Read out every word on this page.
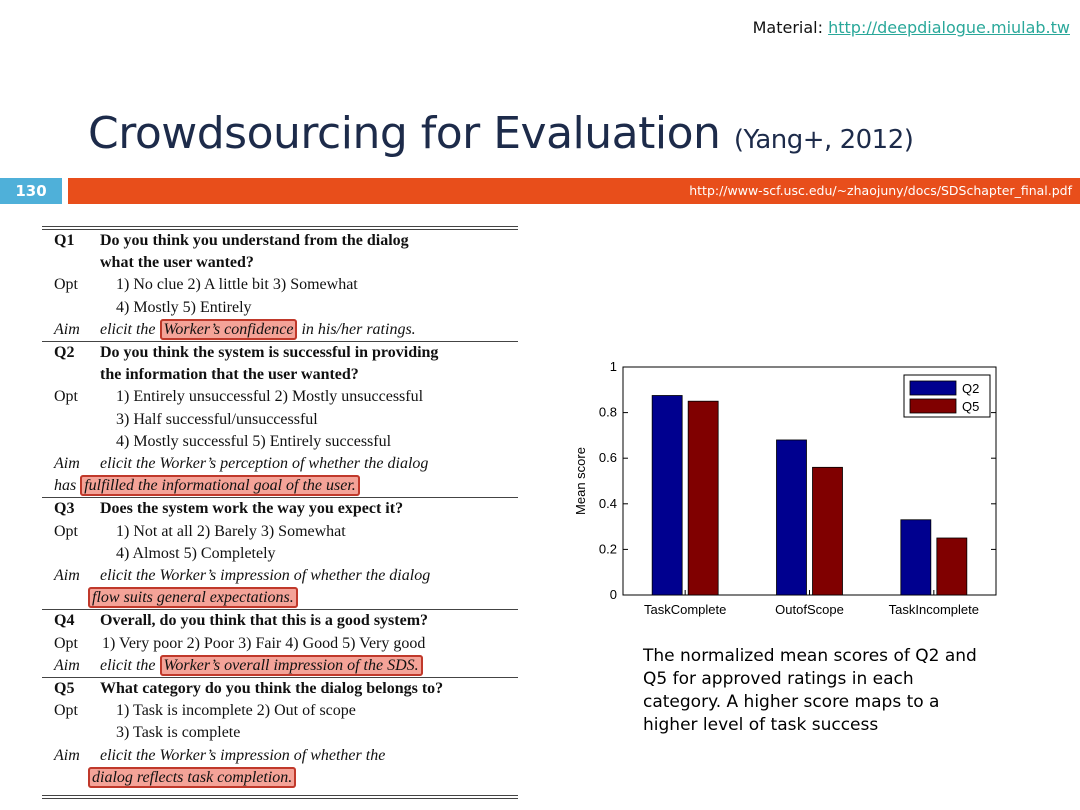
Material: http://deepdialogue.miulab.tw
Crowdsourcing for Evaluation (Yang+, 2012)
130	http://www-scf.usc.edu/~zhaojuny/docs/SDSchapter_final.pdf
Q1	Do you think you understand from the dialog
what the user wanted?
Opt	1) No clue 2) A little bit 3) Somewhat
4) Mostly 5) Entirely
Aim	elicit the Worker’s confidence in his/her ratings.
Q2	Do you think the system is successful in providing
the information that the user wanted?
Opt	1) Entirely unsuccessful 2) Mostly unsuccessful
3) Half successful/unsuccessful
4) Mostly successful 5) Entirely successful
Aim	elicit the Worker’s perception of whether the dialog
has fulfilled the informational goal of the user.
Q3	Does the system work the way you expect it?
Opt	1) Not at all 2) Barely 3) Somewhat
4) Almost 5) Completely
Aim	elicit the Worker’s impression of whether the dialog
flow suits general expectations.
Q4	Overall, do you think that this is a good system?
Opt	1) Very poor 2) Poor 3) Fair 4) Good 5) Very good
Aim	elicit the Worker’s overall impression of the SDS.
Q5	What category do you think the dialog belongs to?
Opt	1) Task is incomplete 2) Out of scope
3) Task is complete
Aim	elicit the Worker’s impression of whether the
dialog reflects task completion.
0
0.2
0.4
0.6
0.8
1
TaskComplete	OutofScope	TaskIncomplete
Mean score
Q2
Q5
The normalized mean scores of Q2 and Q5 for approved ratings in each category. A higher score maps to a higher level of task success
